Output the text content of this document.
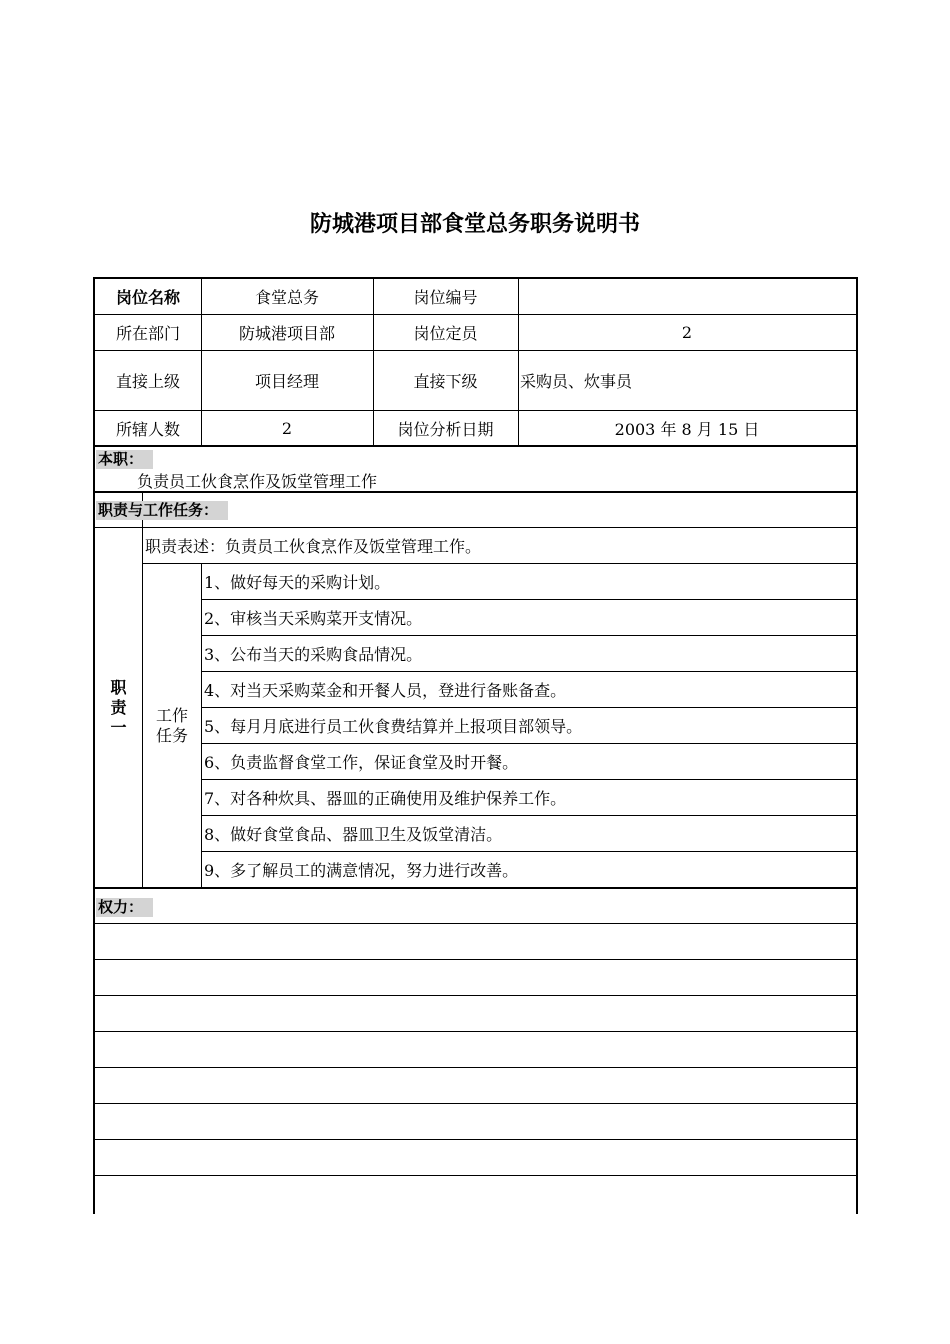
防城港项目部食堂总务职务说明书
岗位名称	食堂总务	岗位编号
所在部门	防城港项目部	岗位定员	2
直接上级	项目经理	直接下级	采购员、炊事员
所辖人数	2	岗位分析日期	2003 年 8 月 15 日
本职：
负责员工伙食烹作及饭堂管理工作
职责与工作任务：
职
责
一
职责表述：负责员工伙食烹作及饭堂管理工作。
工作
任务
1、做好每天的采购计划。
2、审核当天采购菜开支情况。
3、公布当天的采购食品情况。
4、对当天采购菜金和开餐人员，登进行备账备查。
5、每月月底进行员工伙食费结算并上报项目部领导。
6、负责监督食堂工作，保证食堂及时开餐。
7、对各种炊具、器皿的正确使用及维护保养工作。
8、做好食堂食品、器皿卫生及饭堂清洁。
9、多了解员工的满意情况，努力进行改善。
权力：
